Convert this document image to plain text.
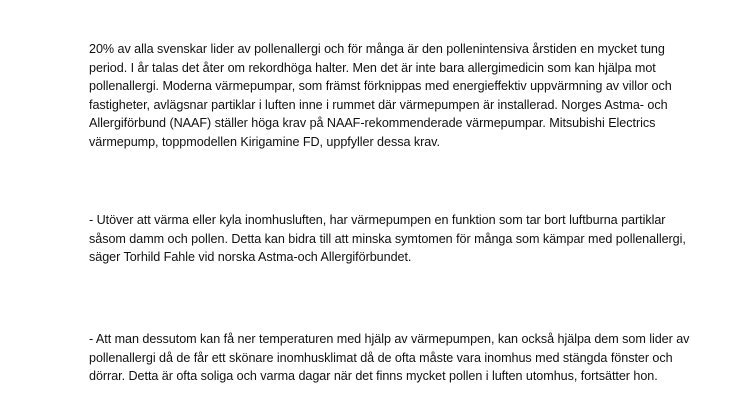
20% av alla svenskar lider av pollenallergi och för många är den pollenintensiva årstiden en mycket tung period. I år talas det åter om rekordhöga halter. Men det är inte bara allergimedicin som kan hjälpa mot pollenallergi. Moderna värmepumpar, som främst förknippas med energieffektiv uppvärmning av villor och fastigheter, avlägsnar partiklar i luften inne i rummet där värmepumpen är installerad. Norges Astma- och Allergiförbund (NAAF) ställer höga krav på NAAF-rekommenderade värmepumpar. Mitsubishi Electrics värmepump, toppmodellen Kirigamine FD, uppfyller dessa krav.

- Utöver att värma eller kyla inomhusluften, har värmepumpen en funktion som tar bort luftburna partiklar såsom damm och pollen. Detta kan bidra till att minska symtomen för många som kämpar med pollenallergi, säger Torhild Fahle vid norska Astma-och Allergiförbundet.

- Att man dessutom kan få ner temperaturen med hjälp av värmepumpen, kan också hjälpa dem som lider av pollenallergi då de får ett skönare inomhusklimat då de ofta måste vara inomhus med stängda fönster och dörrar. Detta är ofta soliga och varma dagar när det finns mycket pollen i luften utomhus, fortsätter hon.
